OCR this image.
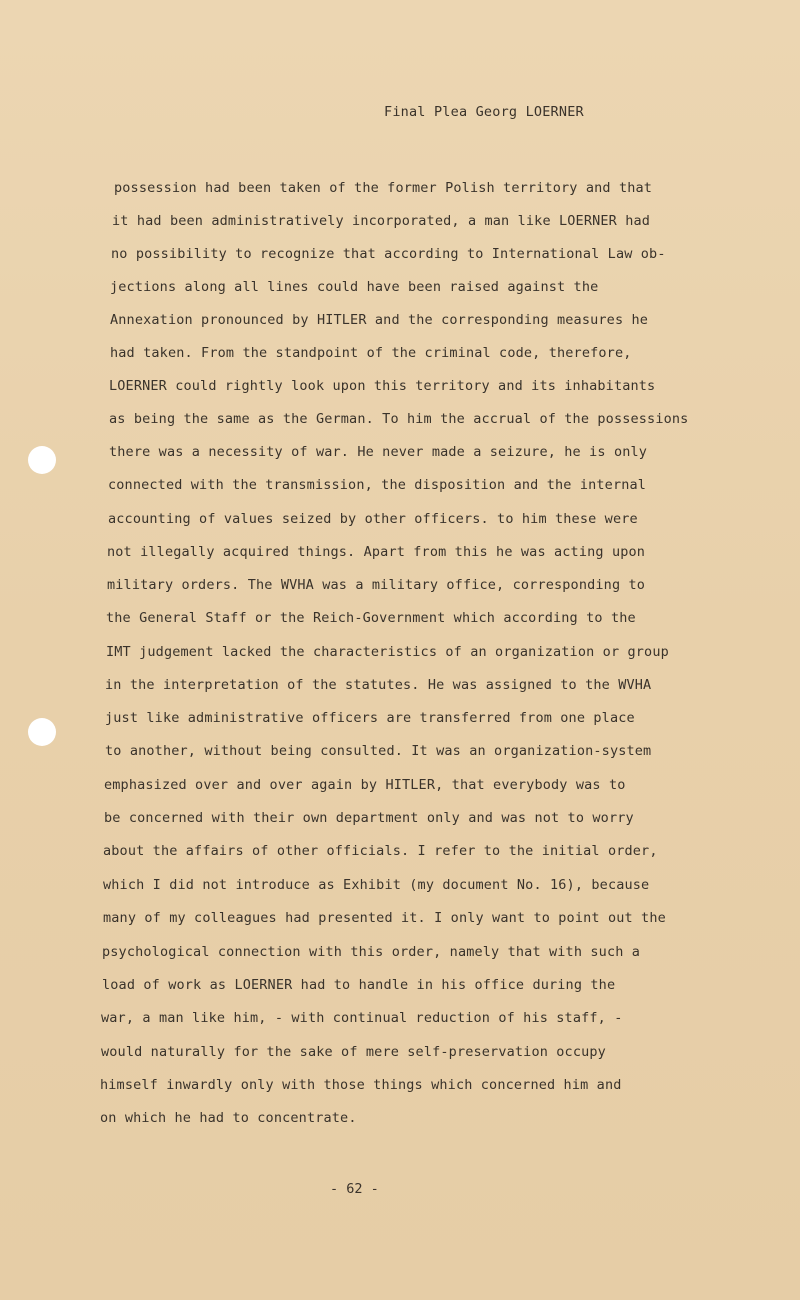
Final Plea Georg LOERNER
possession had been taken of the former Polish territory and that
it had been administratively incorporated, a man like LOERNER had
no possibility to recognize that according to International Law ob-
jections along all lines could have been raised against the
Annexation pronounced by HITLER and the corresponding measures he
had taken. From the standpoint of the criminal code, therefore,
LOERNER could rightly look upon this territory and its inhabitants
as being the same as the German. To him the accrual of the possessions
there was a necessity of war. He never made a seizure, he is only
connected with the transmission, the disposition and the internal
accounting of values seized by other officers. to him these were
not illegally acquired things. Apart from this he was acting upon
military orders. The WVHA was a military office, corresponding to
the General Staff or the Reich-Government which according to the
IMT judgement lacked the characteristics of an organization or group
in the interpretation of the statutes. He was assigned to the WVHA
just like administrative officers are transferred from one place
to another, without being consulted. It was an organization-system
emphasized over and over again by HITLER, that everybody was to
be concerned with their own department only and was not to worry
about the affairs of other officials. I refer to the initial order,
which I did not introduce as Exhibit (my document No. 16), because
many of my colleagues had presented it. I only want to point out the
psychological connection with this order, namely that with such a
load of work as LOERNER had to handle in his office during the
war, a man like him, - with continual reduction of his staff, -
would naturally for the sake of mere self-preservation occupy
himself inwardly only with those things which concerned him and
on which he had to concentrate.
- 62 -
